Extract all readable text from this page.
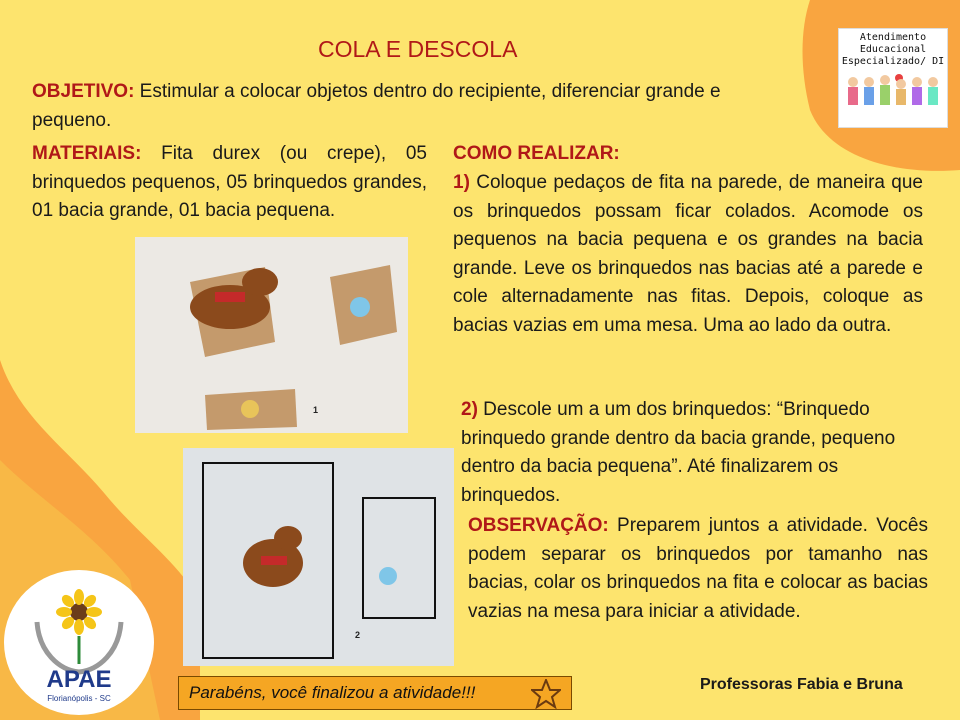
COLA E DESCOLA	Atendimento
Educacional
Especializado/ DI

OBJETIVO: Estimular a colocar objetos dentro do recipiente, diferenciar grande e pequeno.

MATERIAIS: Fita durex (ou crepe), 05 brinquedos pequenos, 05 brinquedos grandes, 01 bacia grande, 01 bacia pequena.

COMO REALIZAR:

1) Coloque pedaços de fita na parede, de maneira que os brinquedos possam ficar colados. Acomode os pequenos na bacia pequena e os grandes na bacia grande. Leve os brinquedos nas bacias até a parede e cole alternadamente nas fitas. Depois, coloque as bacias vazias em uma mesa. Uma ao lado da outra.

2) Descole um a um dos brinquedos: “Brinquedo brinquedo grande dentro da bacia grande, pequeno dentro da bacia pequena”. Até finalizarem os brinquedos.

OBSERVAÇÃO: Preparem juntos a atividade. Vocês podem separar os brinquedos por tamanho nas bacias, colar os brinquedos na fita e colocar as bacias vazias na mesa para iniciar a atividade.

1
2
APAE
Florianópolis - SC	Parabéns, você finalizou a atividade!!!	Professoras Fabia e Bruna
